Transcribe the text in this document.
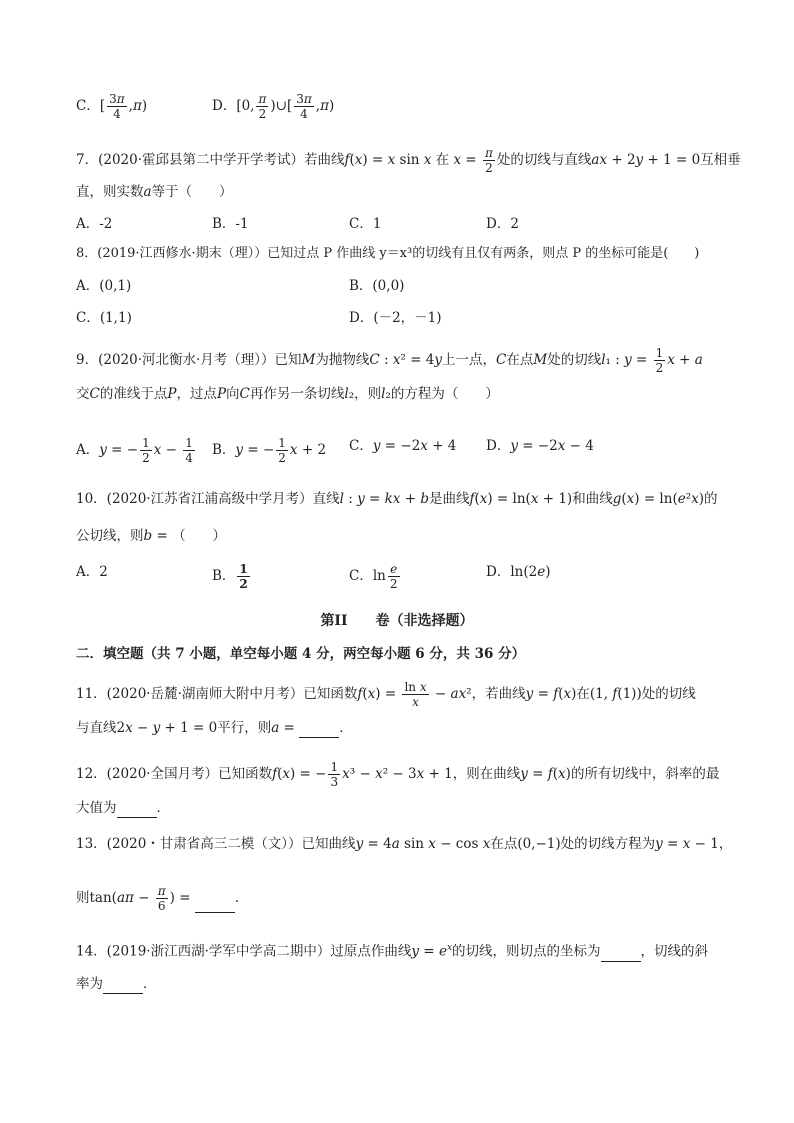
C．[ $\frac{3\pi}{4} ,\pi$)	D．[0, $\frac{\pi}{2}$ )∪[ $\frac{3\pi}{4} ,\pi$)
7．(2020·霍邱县第二中学开学考试）若曲线f(x) = x sin x 在 $x = \frac{\pi}{2}$ 处的切线与直线ax + 2y + 1 = 0互相垂
直，则实数a等于（　　）
A．-2	B．-1	C．1	D．2
8．(2019·江西修水·期末（理））已知过点 P 作曲线 y＝x³的切线有且仅有两条，则点 P 的坐标可能是(　　)
A．(0,1)	B．(0,0)
C．(1,1)	D．(－2，－1)
9．(2020·河北衡水·月考（理））已知M为抛物线C : x² = 4y上一点，C在点M处的切线l₁ : $y = \frac{1}{2}$ x + a
交C的准线于点P，过点P向C再作另一条切线l₂，则l₂的方程为（　　）
A．y = − $\frac{1}{2}$ $x - \frac{1}{4}$ B．y = − $\frac{1}{2}$ x + 2 C．y = −2x + 4 D．y = −2x − 4
10．(2020·江苏省江浦高级中学月考）直线l : y = kx + b是曲线f(x) = ln(x + 1)和曲线g(x) = ln(e²x)的
公切线，则b = （　　）
A．2	B． $\frac{1}{2}$	C．$\ln \frac{e}{2}$	D．ln(2e)
第II　　卷（非选择题）
二．填空题（共 7 小题，单空每小题 4 分，两空每小题 6 分，共 36 分）
11．(2020·岳麓·湖南师大附中月考）已知函数$f(x) = \frac{\text{ln x}}{x} - ax^2$，若曲线y = f(x)在(1, f(1))处的切线
与直线2x − y + 1 = 0平行，则a =	．
12．(2020·全国月考）已知函数f(x) = − $\frac{1}{3} x^3 - x^2 - 3x + 1$，则在曲线y = f(x)的所有切线中，斜率的最
大值为	．
13．(2020・甘肃省高三二模（文））已知曲线y = 4a sin x − cos x在点(0,−1)处的切线方程为y = x − 1，
则$\tan(a\pi - \frac{\pi}{6}$ ) =	．
14．(2019·浙江西湖·学军中学高二期中）过原点作曲线$y = e^x$的切线，则切点的坐标为	，切线的斜
率为	．
